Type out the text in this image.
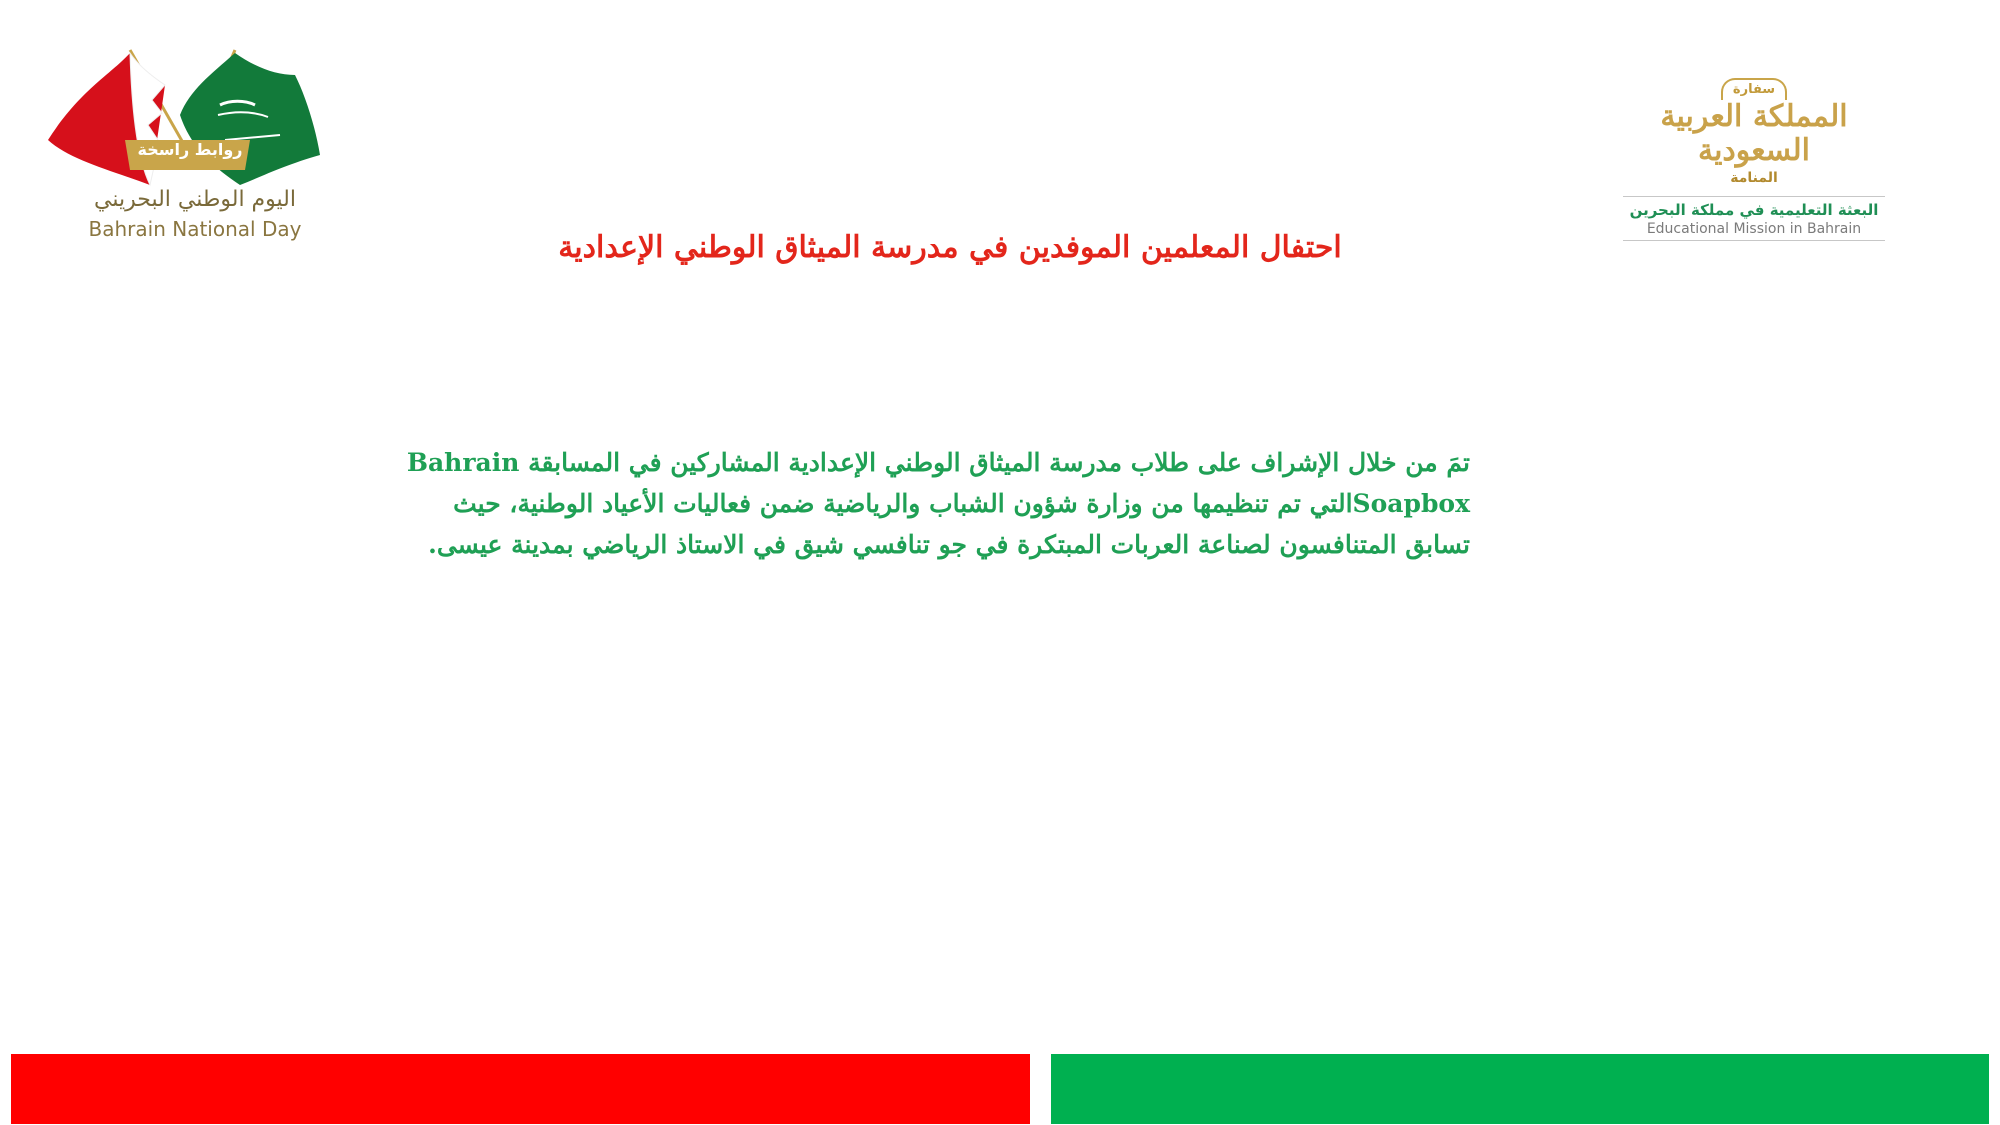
روابط راسخة
اليوم الوطني البحريني
Bahrain National Day
سفارة
المملكة العربية السعودية
المنامة
البعثة التعليمية في مملكة البحرين
Educational Mission in Bahrain
احتفال المعلمين الموفدين في مدرسة الميثاق الوطني الإعدادية
تمَ من خلال الإشراف على طلاب مدرسة الميثاق الوطني الإعدادية المشاركين في المسابقة Bahrain
Soapboxالتي تم تنظيمها من وزارة شؤون الشباب والرياضية ضمن فعاليات الأعياد الوطنية، حيث
تسابق المتنافسون لصناعة العربات المبتكرة في جو تنافسي شيق في الاستاذ الرياضي بمدينة عيسى.
